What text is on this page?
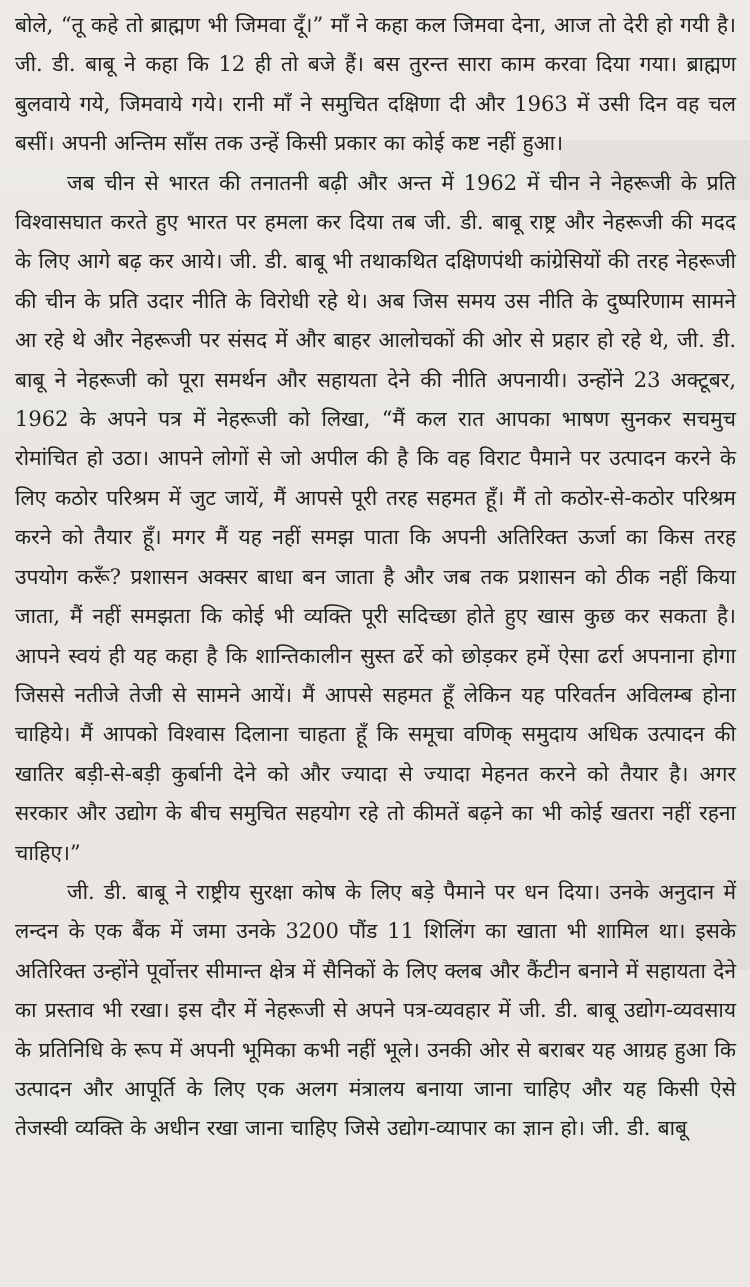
बोले, “तू कहे तो ब्राह्मण भी जिमवा दूँ।” माँ ने कहा कल जिमवा देना, आज तो देरी हो गयी है। जी. डी. बाबू ने कहा कि 12 ही तो बजे हैं। बस तुरन्त सारा काम करवा दिया गया। ब्राह्मण बुलवाये गये, जिमवाये गये। रानी माँ ने समुचित दक्षिणा दी और 1963 में उसी दिन वह चल बसीं। अपनी अन्तिम साँस तक उन्हें किसी प्रकार का कोई कष्ट नहीं हुआ।

जब चीन से भारत की तनातनी बढ़ी और अन्त में 1962 में चीन ने नेहरूजी के प्रति विश्वासघात करते हुए भारत पर हमला कर दिया तब जी. डी. बाबू राष्ट्र और नेहरूजी की मदद के लिए आगे बढ़ कर आये। जी. डी. बाबू भी तथाकथित दक्षिणपंथी कांग्रेसियों की तरह नेहरूजी की चीन के प्रति उदार नीति के विरोधी रहे थे। अब जिस समय उस नीति के दुष्परिणाम सामने आ रहे थे और नेहरूजी पर संसद में और बाहर आलोचकों की ओर से प्रहार हो रहे थे, जी. डी. बाबू ने नेहरूजी को पूरा समर्थन और सहायता देने की नीति अपनायी। उन्होंने 23 अक्टूबर, 1962 के अपने पत्र में नेहरूजी को लिखा, “मैं कल रात आपका भाषण सुनकर सचमुच रोमांचित हो उठा। आपने लोगों से जो अपील की है कि वह विराट पैमाने पर उत्पादन करने के लिए कठोर परिश्रम में जुट जायें, मैं आपसे पूरी तरह सहमत हूँ। मैं तो कठोर-से-कठोर परिश्रम करने को तैयार हूँ। मगर मैं यह नहीं समझ पाता कि अपनी अतिरिक्त ऊर्जा का किस तरह उपयोग करूँ? प्रशासन अक्सर बाधा बन जाता है और जब तक प्रशासन को ठीक नहीं किया जाता, मैं नहीं समझता कि कोई भी व्यक्ति पूरी सदिच्छा होते हुए खास कुछ कर सकता है। आपने स्वयं ही यह कहा है कि शान्तिकालीन सुस्त ढर्रे को छोड़कर हमें ऐसा ढर्रा अपनाना होगा जिससे नतीजे तेजी से सामने आयें। मैं आपसे सहमत हूँ लेकिन यह परिवर्तन अविलम्ब होना चाहिये। मैं आपको विश्वास दिलाना चाहता हूँ कि समूचा वणिक् समुदाय अधिक उत्पादन की खातिर बड़ी-से-बड़ी कुर्बानी देने को और ज्यादा से ज्यादा मेहनत करने को तैयार है। अगर सरकार और उद्योग के बीच समुचित सहयोग रहे तो कीमतें बढ़ने का भी कोई खतरा नहीं रहना चाहिए।”

जी. डी. बाबू ने राष्ट्रीय सुरक्षा कोष के लिए बड़े पैमाने पर धन दिया। उनके अनुदान में लन्दन के एक बैंक में जमा उनके 3200 पौंड 11 शिलिंग का खाता भी शामिल था। इसके अतिरिक्त उन्होंने पूर्वोत्तर सीमान्त क्षेत्र में सैनिकों के लिए क्लब और कैंटीन बनाने में सहायता देने का प्रस्ताव भी रखा। इस दौर में नेहरूजी से अपने पत्र-व्यवहार में जी. डी. बाबू उद्योग-व्यवसाय के प्रतिनिधि के रूप में अपनी भूमिका कभी नहीं भूले। उनकी ओर से बराबर यह आग्रह हुआ कि उत्पादन और आपूर्ति के लिए एक अलग मंत्रालय बनाया जाना चाहिए और यह किसी ऐसे तेजस्वी व्यक्ति के अधीन रखा जाना चाहिए जिसे उद्योग-व्यापार का ज्ञान हो। जी. डी. बाबू
